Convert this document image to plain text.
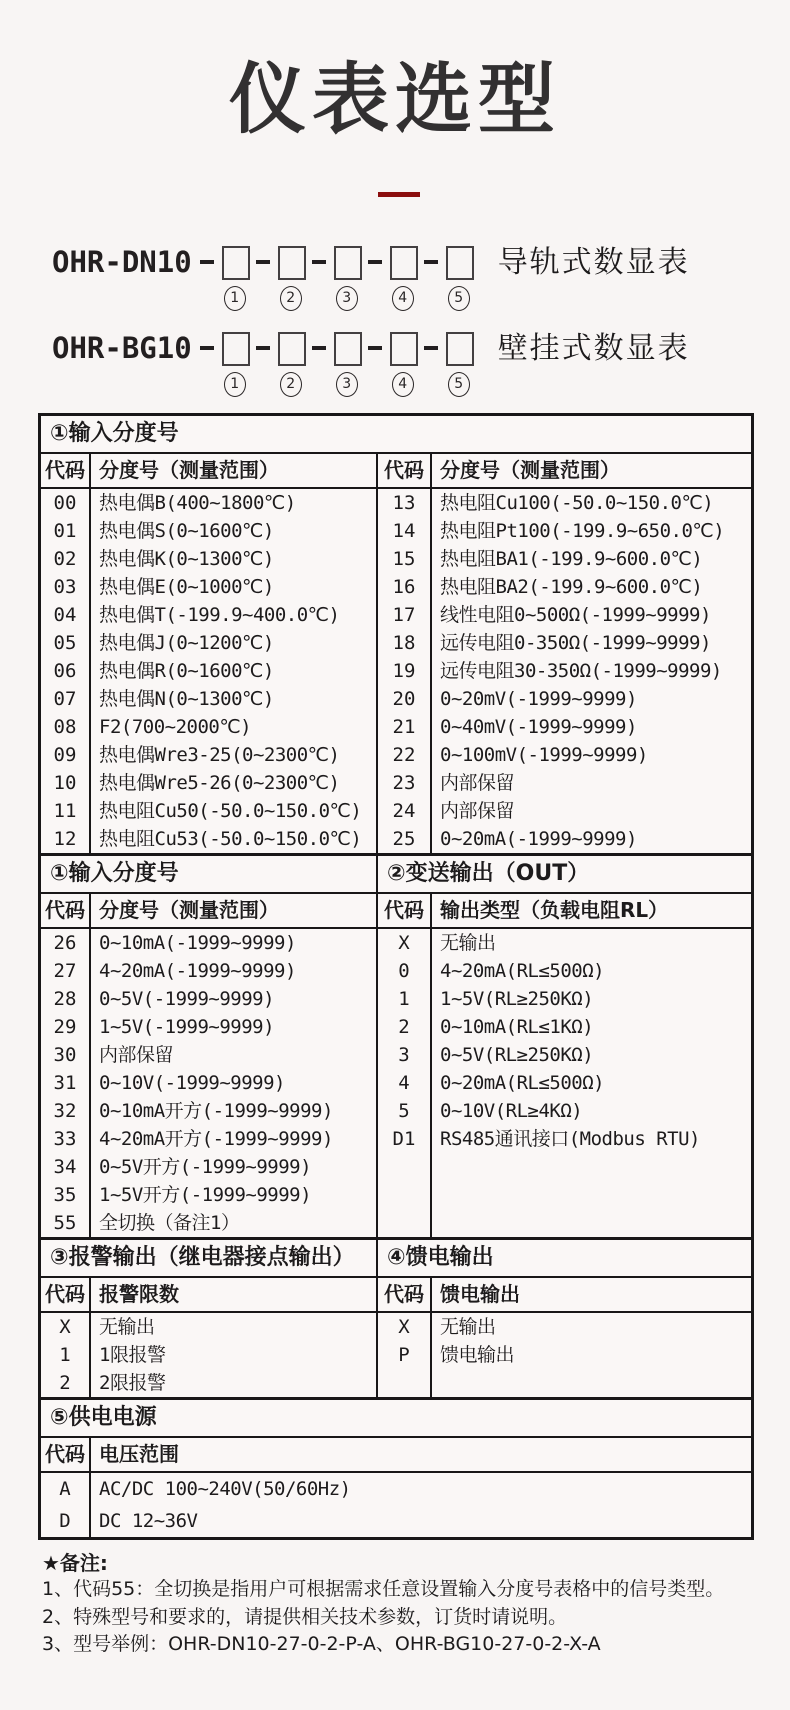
仪表选型
OHR-DN10
1	2	3	4	5
导轨式数显表
OHR-BG10
1	2	3	4	5
壁挂式数显表
①输入分度号
代码 分度号（测量范围）
00	热电偶B(400~1800℃)
01	热电偶S(0~1600℃)
02	热电偶K(0~1300℃)
03	热电偶E(0~1000℃)
04	热电偶T(-199.9~400.0℃)
05	热电偶J(0~1200℃)
06	热电偶R(0~1600℃)
07	热电偶N(0~1300℃)
08	F2(700~2000℃)
09	热电偶Wre3-25(0~2300℃)
10	热电偶Wre5-26(0~2300℃)
11	热电阻Cu50(-50.0~150.0℃)
12	热电阻Cu53(-50.0~150.0℃)
代码 分度号（测量范围）
13	热电阻Cu100(-50.0~150.0℃)
14	热电阻Pt100(-199.9~650.0℃)
15	热电阻BA1(-199.9~600.0℃)
16	热电阻BA2(-199.9~600.0℃)
17	线性电阻0~500Ω(-1999~9999)
18	远传电阻0-350Ω(-1999~9999)
19	远传电阻30-350Ω(-1999~9999)
20	0~20mV(-1999~9999)
21	0~40mV(-1999~9999)
22	0~100mV(-1999~9999)
23	内部保留
24	内部保留
25	0~20mA(-1999~9999)
①输入分度号
代码 分度号（测量范围）
26	0~10mA(-1999~9999)
27	4~20mA(-1999~9999)
28	0~5V(-1999~9999)
29	1~5V(-1999~9999)
30	内部保留
31	0~10V(-1999~9999)
32	0~10mA开方(-1999~9999)
33	4~20mA开方(-1999~9999)
34	0~5V开方(-1999~9999)
35	1~5V开方(-1999~9999)
55	全切换（备注1）
②变送输出（OUT）
代码 输出类型（负载电阻RL）
X	无输出
0	4~20mA(RL≤500Ω)
1	1~5V(RL≥250KΩ)
2	0~10mA(RL≤1KΩ)
3	0~5V(RL≥250KΩ)
4	0~20mA(RL≤500Ω)
5	0~10V(RL≥4KΩ)
D1	RS485通讯接口(Modbus RTU)
③报警输出（继电器接点输出）
代码 报警限数
X	无输出
1	1限报警
2	2限报警
④馈电输出
代码 馈电输出
X	无输出
P	馈电输出
⑤供电电源
代码 电压范围
A	AC/DC 100~240V(50/60Hz)
D	DC 12~36V
★备注:
1、代码55：全切换是指用户可根据需求任意设置输入分度号表格中的信号类型。
2、特殊型号和要求的，请提供相关技术参数，订货时请说明。
3、型号举例：OHR-DN10-27-0-2-P-A、OHR-BG10-27-0-2-X-A
